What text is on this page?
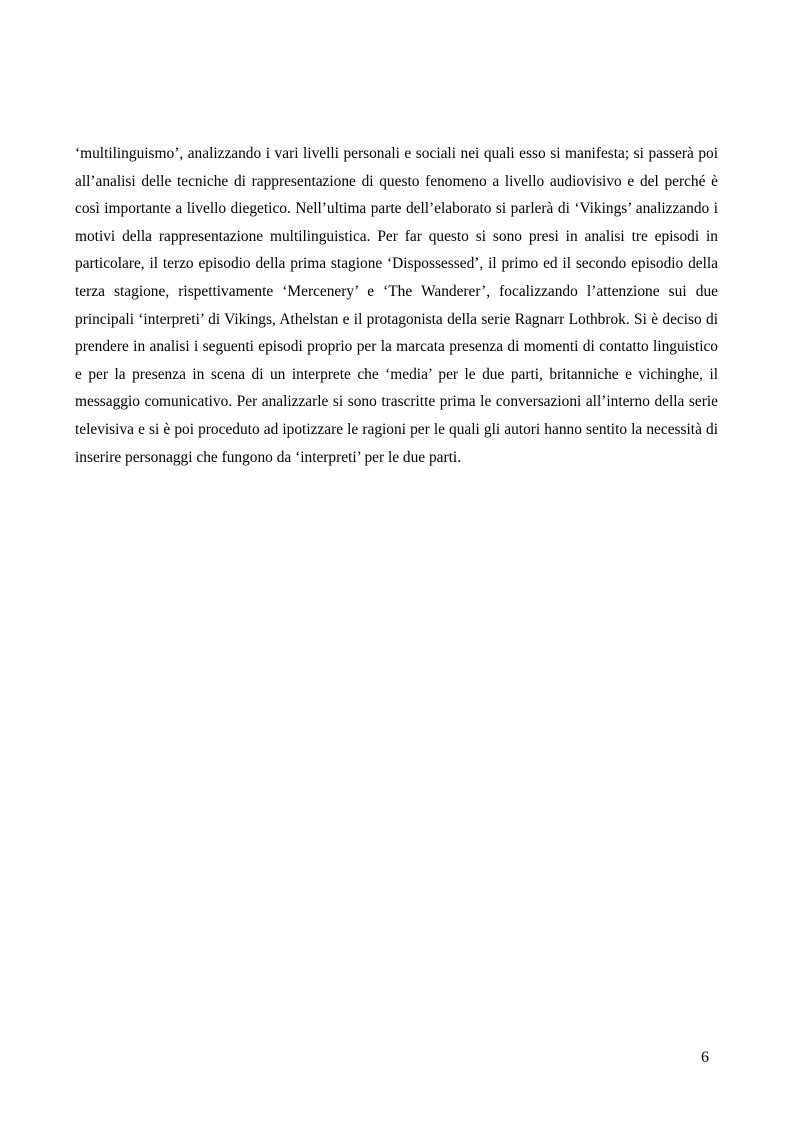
‘multilinguismo’, analizzando i vari livelli personali e sociali nei quali esso si manifesta; si passerà poi all’analisi delle tecniche di rappresentazione di questo fenomeno a livello audiovisivo e del perché è così importante a livello diegetico. Nell’ultima parte dell’elaborato si parlerà di ‘Vikings’ analizzando i motivi della rappresentazione multilinguistica. Per far questo si sono presi in analisi tre episodi in particolare, il terzo episodio della prima stagione ‘Dispossessed’, il primo ed il secondo episodio della terza stagione, rispettivamente ‘Mercenery’ e ‘The Wanderer’, focalizzando l’attenzione sui due principali ‘interpreti’ di Vikings, Athelstan e il protagonista della serie Ragnarr Lothbrok. Si è deciso di prendere in analisi i seguenti episodi proprio per la marcata presenza di momenti di contatto linguistico e per la presenza in scena di un interprete che ‘media’ per le due parti, britanniche e vichinghe, il messaggio comunicativo. Per analizzarle si sono trascritte prima le conversazioni all’interno della serie televisiva e si è poi proceduto ad ipotizzare le ragioni per le quali gli autori hanno sentito la necessità di inserire personaggi che fungono da ‘interpreti’ per le due parti.

6
